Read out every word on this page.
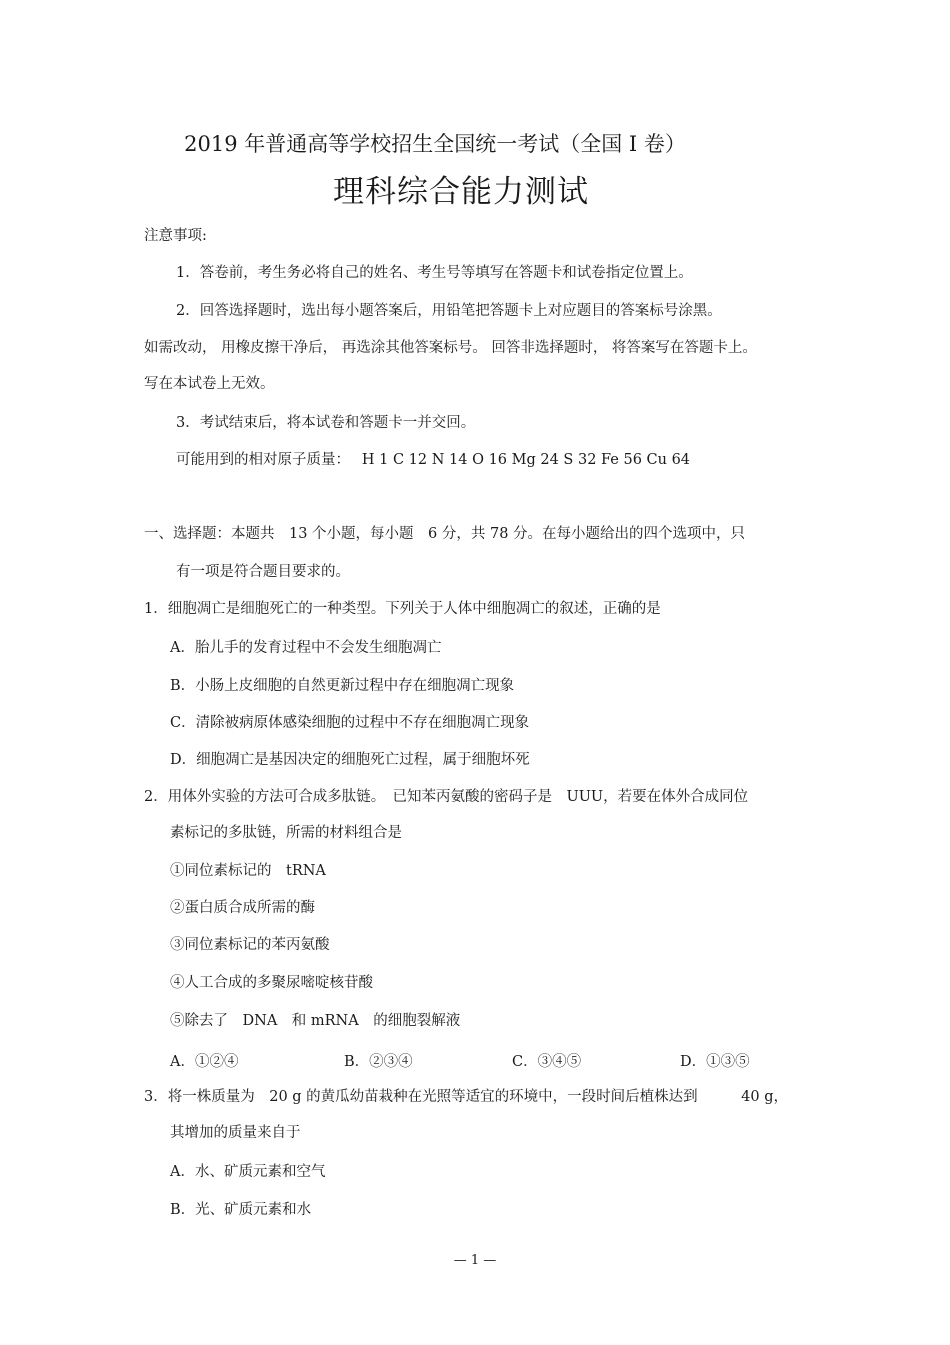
2019 年普通高等学校招生全国统一考试（全国 I 卷）
理科综合能力测试
注意事项:
1．答卷前，考生务必将自己的姓名、考生号等填写在答题卡和试卷指定位置上。
2．回答选择题时，选出每小题答案后，用铅笔把答题卡上对应题目的答案标号涂黑。
如需改动， 用橡皮擦干净后， 再选涂其他答案标号。 回答非选择题时， 将答案写在答题卡上。
写在本试卷上无效。
3．考试结束后，将本试卷和答题卡一并交回。
可能用到的相对原子质量：　 H 1 C 12 N 14 O 16 Mg 24 S 32 Fe 56 Cu 64
一、选择题：本题共　13 个小题，每小题　6 分，共 78 分。在每小题给出的四个选项中，只
有一项是符合题目要求的。
1．细胞凋亡是细胞死亡的一种类型。下列关于人体中细胞凋亡的叙述，正确的是
A．胎儿手的发育过程中不会发生细胞凋亡
B．小肠上皮细胞的自然更新过程中存在细胞凋亡现象
C．清除被病原体感染细胞的过程中不存在细胞凋亡现象
D．细胞凋亡是基因决定的细胞死亡过程，属于细胞坏死
2．用体外实验的方法可合成多肽链。　已知苯丙氨酸的密码子是　UUU，若要在体外合成同位
素标记的多肽链，所需的材料组合是
①同位素标记的　tRNA
②蛋白质合成所需的酶
③同位素标记的苯丙氨酸
④人工合成的多聚尿嘧啶核苷酸
⑤除去了　DNA　和 mRNA　的细胞裂解液
A．①②④	B．②③④	C．③④⑤	D．①③⑤
3．将一株质量为　20 g 的黄瓜幼苗栽种在光照等适宜的环境中，一段时间后植株达到　　　40 g，
其增加的质量来自于
A．水、矿质元素和空气
B．光、矿质元素和水
— 1 —
